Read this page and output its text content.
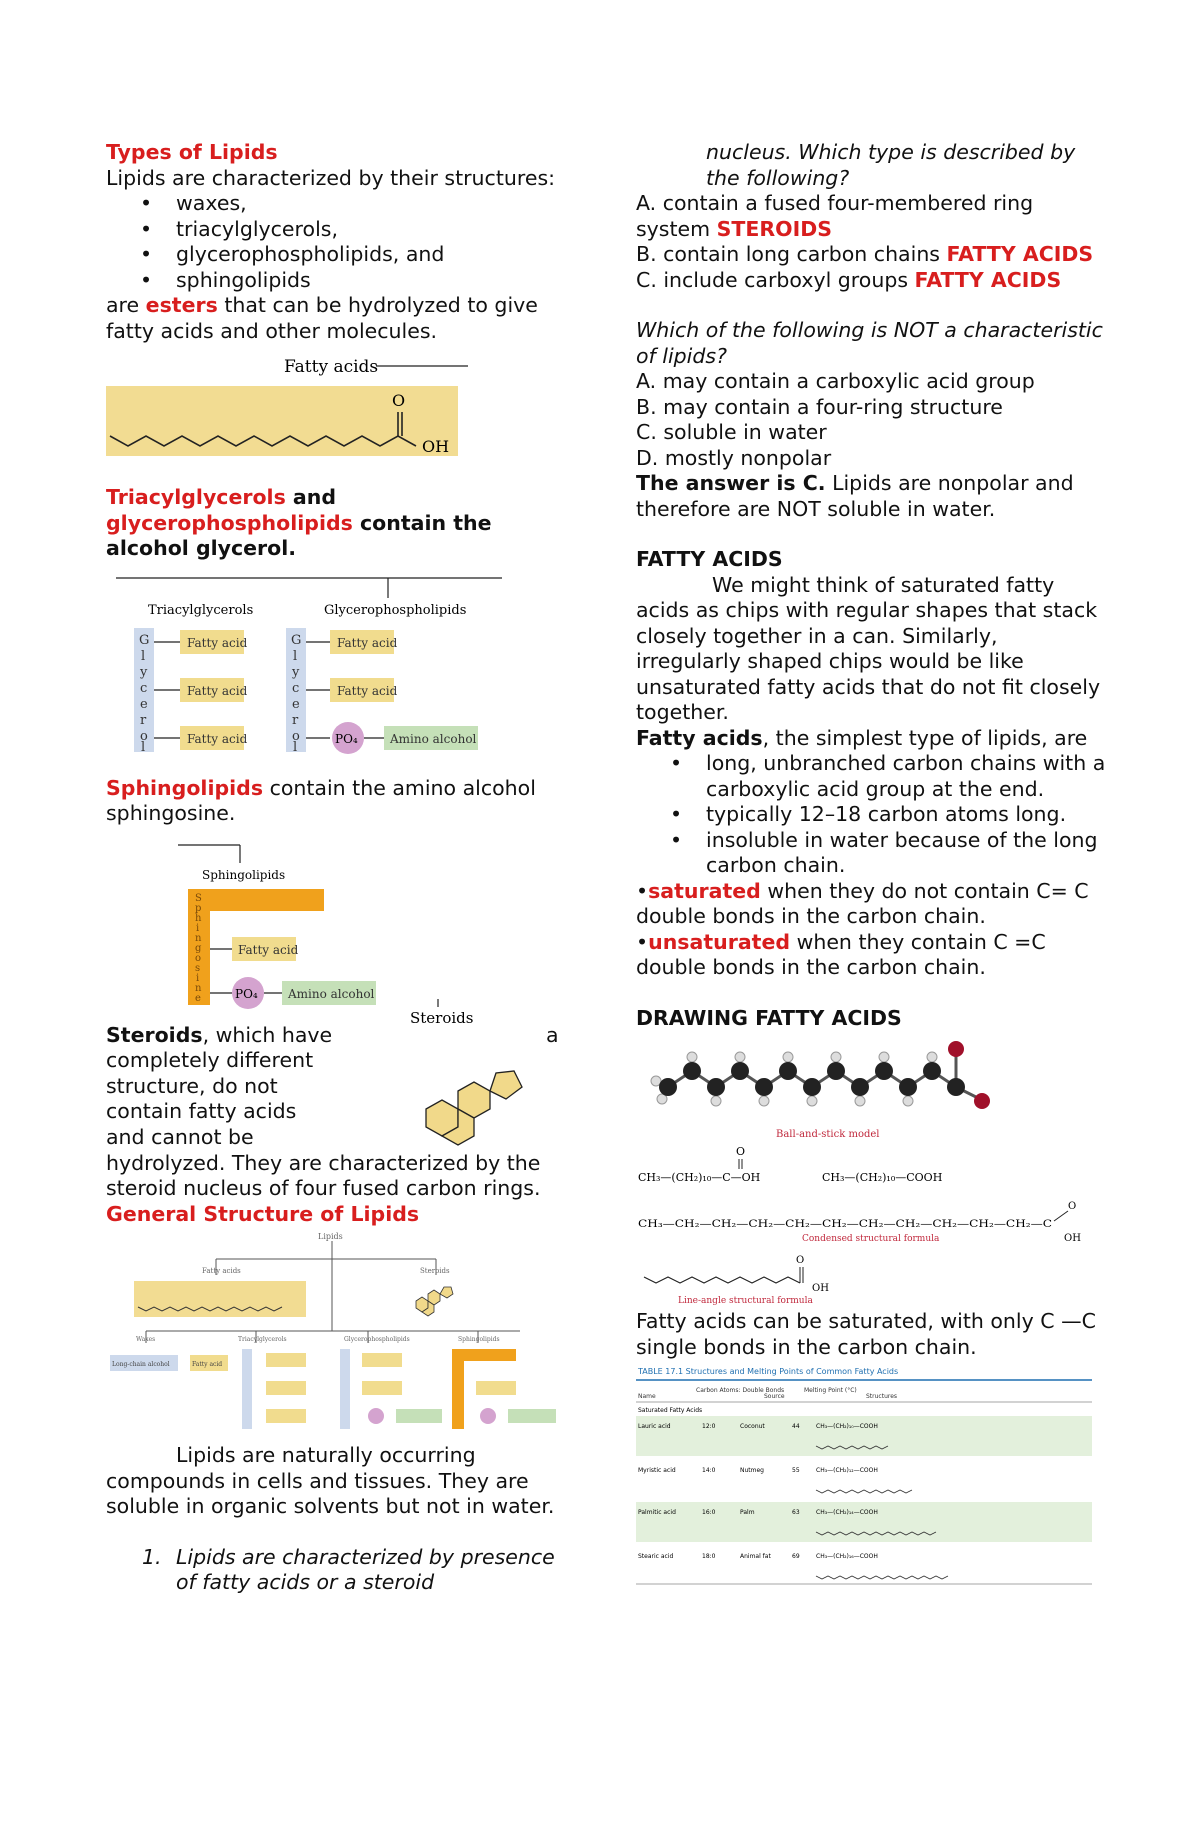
Types of Lipids

Lipids are characterized by their structures:

• waxes,
• triacylglycerols,
• glycerophospholipids, and
• sphingolipids

are esters that can be hydrolyzed to give fatty acids and other molecules.

Fatty acids
O
OH

Triacylglycerols and glycerophospholipids contain the alcohol glycerol.

Triacylglycerols	Glycerophospholipids
G
l
y
c
e
r
o
l
G
l
y
c
e
r
o
l
Fatty acid
Fatty acid
Fatty acid
Fatty acid
Fatty acid
PO₄	Amino alcohol

Sphingolipids contain the amino alcohol sphingosine.

Sphingolipids
S
p
h
i
n
g
o
s
i
n
e
Fatty acid
PO₄	Amino alcohol

Steroids, which have	a

completely different

structure, do not

contain fatty acids

and cannot be

Steroids

hydrolyzed. They are characterized by the steroid nucleus of four fused carbon rings.

General Structure of Lipids

Lipids
Fatty acids	Steroids
Waxes	Triacylglycerols	Glycerophospholipids	Sphingolipids
Long-chain alcohol	Fatty acid

Lipids are naturally occurring compounds in cells and tissues. They are soluble in organic solvents but not in water.

1. Lipids are characterized by presence of fatty acids or a steroid

nucleus. Which type is described by the following?

A. contain a fused four-membered ring system STEROIDS

B. contain long carbon chains FATTY ACIDS

C. include carboxyl groups FATTY ACIDS

Which of the following is NOT a characteristic of lipids?

A. may contain a carboxylic acid group

B. may contain a four-ring structure

C. soluble in water

D. mostly nonpolar

The answer is C. Lipids are nonpolar and therefore are NOT soluble in water.

FATTY ACIDS

We might think of saturated fatty acids as chips with regular shapes that stack closely together in a can. Similarly, irregularly shaped chips would be like unsaturated fatty acids that do not fit closely together.

Fatty acids, the simplest type of lipids, are

• long, unbranched carbon chains with a carboxylic acid group at the end.
• typically 12–18 carbon atoms long.
• insoluble in water because of the long carbon chain.

•saturated when they do not contain C= C double bonds in the carbon chain.

•unsaturated when they contain C =C double bonds in the carbon chain.

DRAWING FATTY ACIDS

Ball-and-stick model
O
CH₃—(CH₂)₁₀—C—OH	CH₃—(CH₂)₁₀—COOH
CH₃—CH₂—CH₂—CH₂—CH₂—CH₂—CH₂—CH₂—CH₂—CH₂—CH₂—C
O
OH
Condensed structural formula
O
OH
Line-angle structural formula

Fatty acids can be saturated, with only C —C single bonds in the carbon chain.

TABLE 17.1 Structures and Melting Points of Common Fatty Acids
Name
Carbon Atoms: Double Bonds
Source
Melting Point (°C)
Structures
Saturated Fatty Acids
Lauric acid	12:0	Coconut	44	CH₃—(CH₂)₁₀—COOH
Myristic acid	14:0	Nutmeg	55	CH₃—(CH₂)₁₂—COOH
Palmitic acid	16:0	Palm	63	CH₃—(CH₂)₁₄—COOH
Stearic acid	18:0	Animal fat	69	CH₃—(CH₂)₁₆—COOH
